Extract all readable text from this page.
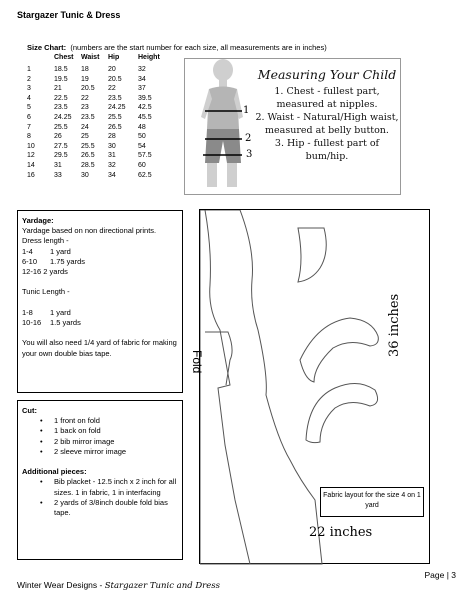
Stargazer Tunic & Dress
Size Chart: (numbers are the start number for each size, all measurements are in inches)
	Chest	Waist	Hip	Height
1	18.5	18	20	32
2	19.5	19	20.5	34
3	21	20.5	22	37
4	22.5	22	23.5	39.5
5	23.5	23	24.25	42.5
6	24.25	23.5	25.5	45.5
7	25.5	24	26.5	48
8	26	25	28	50
10	27.5	25.5	30	54
12	29.5	26.5	31	57.5
14	31	28.5	32	60
16	33	30	34	62.5
1
2
3
Measuring Your Child
1. Chest - fullest part,
measured at nipples.
2. Waist - Natural/High waist,
measured at belly button.
3. Hip - fullest part of bum/hip.
Yardage:
Yardage based on non directional prints.
Dress length -
1-4	1 yard
6-10	1.75 yards
12-16 2 yards
Tunic Length -
1-8	1 yard
10-16	1.5 yards
You will also need 1/4 yard of fabric for making your own double bias tape.
Cut:
• 1 front on fold
• 1 back on fold
• 2 bib mirror image
• 2 sleeve mirror image
Additional pieces:
• Bib placket - 12.5 inch x 2 inch for all sizes. 1 in fabric, 1 in interfacing
• 2 yards of 3/8inch double fold bias tape.
Fabric layout for the size 4 on 1 yard
Fold
36 inches
22 inches
Winter Wear Designs - Stargazer Tunic and Dress
Page | 3
